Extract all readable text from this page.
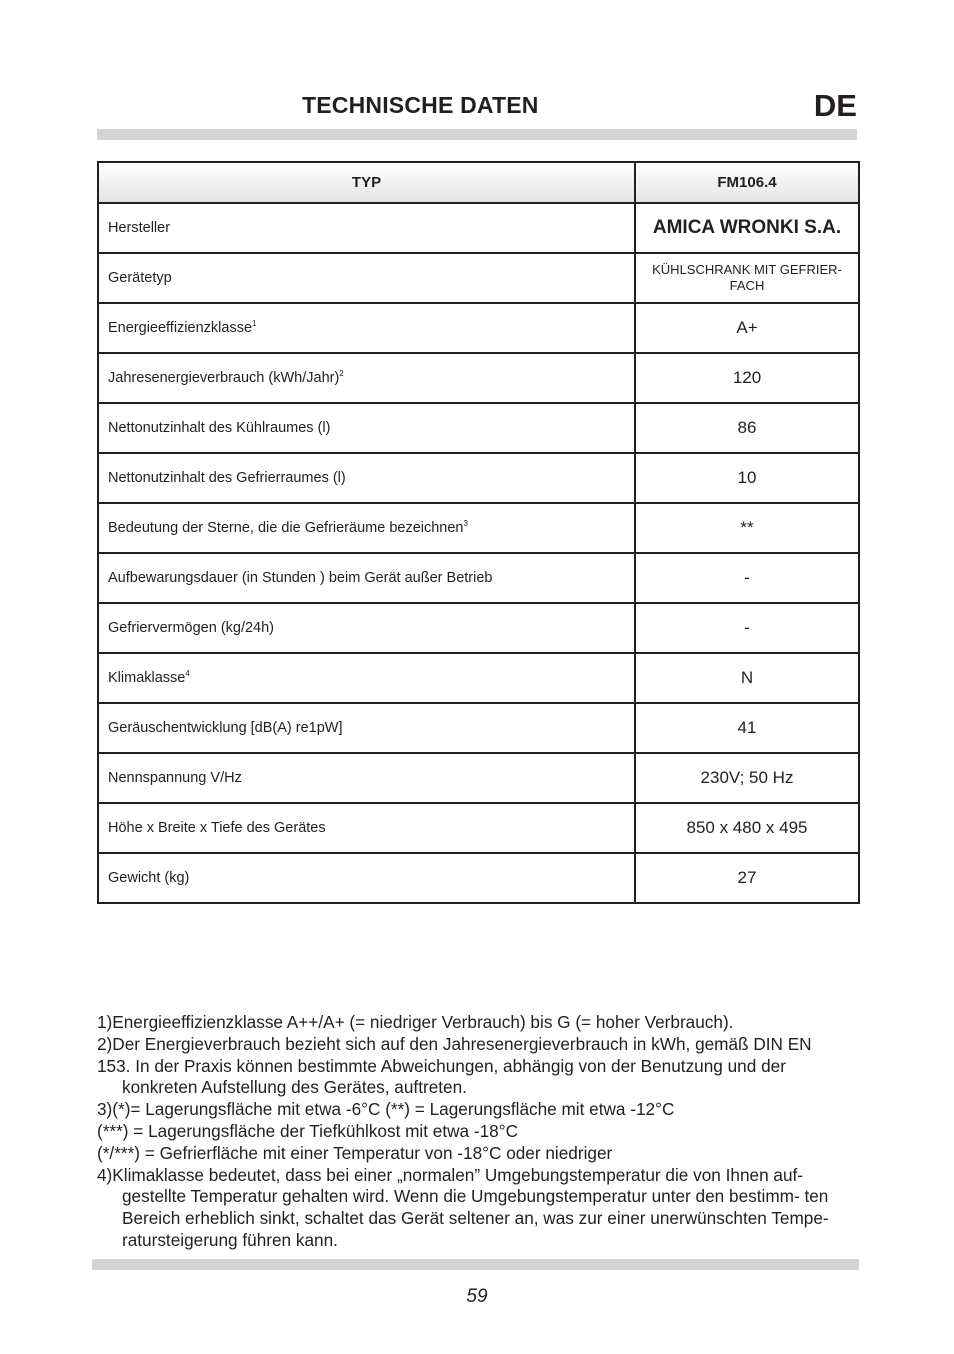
TECHNISCHE DATEN	DE
TYP	FM106.4
Hersteller	AMICA WRONKI S.A.
Gerätetyp	KÜHLSCHRANK MIT GEFRIER-
FACH
Energieeffizienzklasse$^1$	A+
Jahresenergieverbrauch (kWh/Jahr)$^2$	120
Nettonutzinhalt des Kühlraumes (l)	86
Nettonutzinhalt des Gefrierraumes (l)	10
Bedeutung der Sterne, die die Gefrieräume bezeichnen$^3$	**
Aufbewarungsdauer (in Stunden ) beim Gerät außer Betrieb	-
Gefriervermögen (kg/24h)	-
Klimaklasse$^4$	N
Geräuschentwicklung [dB(A) re1pW]	41
Nennspannung V/Hz	230V; 50 Hz
Höhe x Breite x Tiefe des Gerätes	850 x 480 x 495
Gewicht (kg)	27
1)Energieeffizienzklasse A++/A+ (= niedriger Verbrauch) bis G (= hoher Verbrauch).
2)Der Energieverbrauch bezieht sich auf den Jahresenergieverbrauch in kWh, gemäß DIN EN
153. In der Praxis können bestimmte Abweichungen, abhängig von der Benutzung und der konkreten Aufstellung des Gerätes, auftreten.
3)(*)= Lagerungsfläche mit etwa -6°C (**) = Lagerungsfläche mit etwa -12°C
(***) = Lagerungsfläche der Tiefkühlkost mit etwa -18°C
(*/***) = Gefrierfläche mit einer Temperatur von -18°C oder niedriger
4)Klimaklasse bedeutet, dass bei einer „normalen” Umgebungstemperatur die von Ihnen auf- gestellte Temperatur gehalten wird. Wenn die Umgebungstemperatur unter den bestimm- ten Bereich erheblich sinkt, schaltet das Gerät seltener an, was zur einer unerwünschten Tempe- ratursteigerung führen kann.
59
